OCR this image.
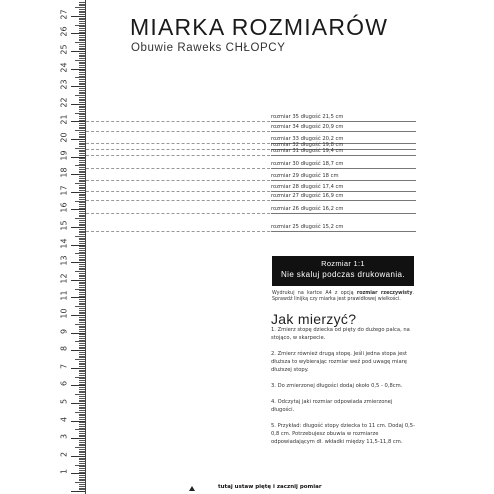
27
26
25
24
23
22
21
20
19
18
17
16
15
14
13
12
11
10
9
8
7
6
5
4
3
2
1
MIARKA ROZMIARÓW
Obuwie Raweks CHŁOPCY
rozmiar 35 długość 21,5 cm
rozmiar 34 długość 20,9 cm
rozmiar 33 długość 20,2 cm
rozmiar 32 długość 19,8 cm
rozmiar 31 długość 19,4 cm
rozmiar 30 długość 18,7 cm
rozmiar 29 długość 18 cm
rozmiar 28 długość 17,4 cm
rozmiar 27 długość 16,9 cm
rozmiar 26 długość 16,2 cm
rozmiar 25 długość 15,2 cm
Rozmiar 1:1
Nie skaluj podczas drukowania.
Wydrukuj na kartce A4 z opcją rozmiar rzeczywisty. Sprawdź linijką czy miarka jest prawidłowej wielkości.
Jak mierzyć?

1. Zmierz stopę dziecka od pięty do dużego palca, na stojąco, w skarpecie.

2. Zmierz również drugą stopę. Jeśli jedna stopa jest dłuższa to wybierając rozmiar weź pod uwagę miarę dłuższej stopy.

3. Do zmierzonej długości dodaj około 0,5 - 0,8cm.

4. Odczytaj jaki rozmiar odpowiada zmierzonej długości.

5. Przykład: długość stopy dziecka to 11 cm. Dodaj 0,5-0,8 cm. Potrzebujesz obuwia w rozmiarze odpowiadającym dł. wkładki między 11,5-11,8 cm.

tutaj ustaw piętę i zacznij pomiar
